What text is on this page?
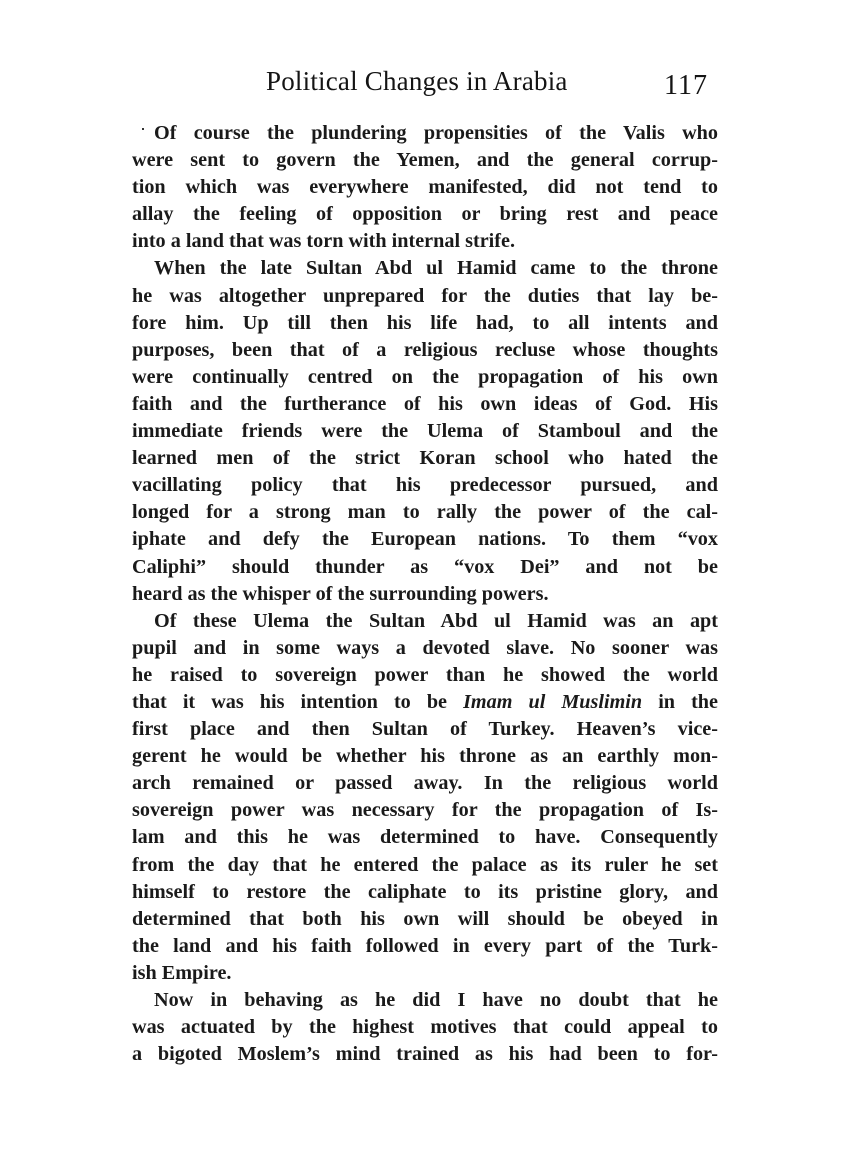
Political Changes in Arabia	117
Of course the plundering propensities of the Valis who
were sent to govern the Yemen, and the general corrup-
tion which was everywhere manifested, did not tend to
allay the feeling of opposition or bring rest and peace
into a land that was torn with internal strife.
When the late Sultan Abd ul Hamid came to the throne
he was altogether unprepared for the duties that lay be-
fore him. Up till then his life had, to all intents and
purposes, been that of a religious recluse whose thoughts
were continually centred on the propagation of his own
faith and the furtherance of his own ideas of God. His
immediate friends were the Ulema of Stamboul and the
learned men of the strict Koran school who hated the
vacillating policy that his predecessor pursued, and
longed for a strong man to rally the power of the cal-
iphate and defy the European nations. To them “vox
Caliphi” should thunder as “vox Dei” and not be
heard as the whisper of the surrounding powers.
Of these Ulema the Sultan Abd ul Hamid was an apt
pupil and in some ways a devoted slave. No sooner was
he raised to sovereign power than he showed the world
that it was his intention to be Imam ul Muslimin in the
first place and then Sultan of Turkey. Heaven’s vice-
gerent he would be whether his throne as an earthly mon-
arch remained or passed away. In the religious world
sovereign power was necessary for the propagation of Is-
lam and this he was determined to have. Consequently
from the day that he entered the palace as its ruler he set
himself to restore the caliphate to its pristine glory, and
determined that both his own will should be obeyed in
the land and his faith followed in every part of the Turk-
ish Empire.
Now in behaving as he did I have no doubt that he
was actuated by the highest motives that could appeal to
a bigoted Moslem’s mind trained as his had been to for-
